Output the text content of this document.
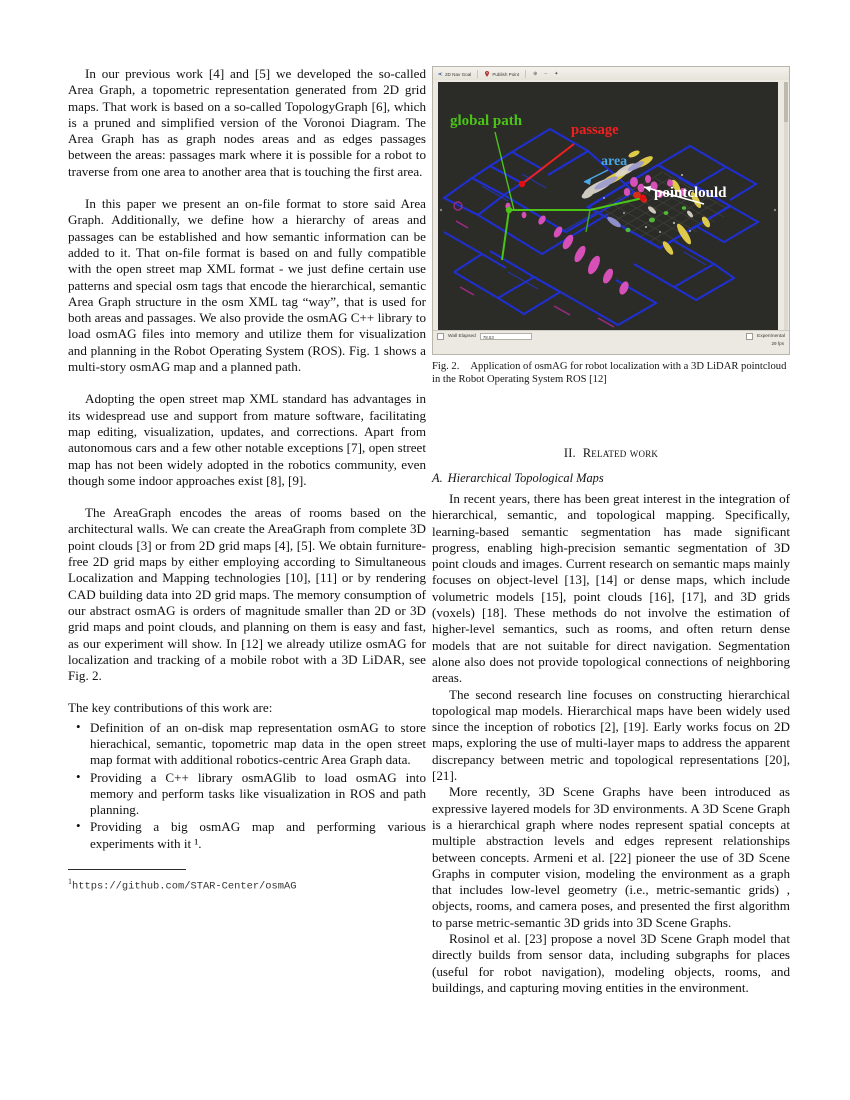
In our previous work [4] and [5] we developed the so-called Area Graph, a topometric representation generated from 2D grid maps. That work is based on a so-called TopologyGraph [6], which is a pruned and simplified version of the Voronoi Diagram. The Area Graph has as graph nodes areas and as edges passages between the areas: passages mark where it is possible for a robot to traverse from one area to another area that is touching the first area.

In this paper we present an on-file format to store said Area Graph. Additionally, we define how a hierarchy of areas and passages can be established and how semantic information can be added to it. That on-file format is based on and fully compatible with the open street map XML format - we just define certain use patterns and special osm tags that encode the hierarchical, semantic Area Graph structure in the osm XML tag “way”, that is used for both areas and passages. We also provide the osmAG C++ library to load osmAG files into memory and utilize them for visualization and planning in the Robot Operating System (ROS). Fig. 1 shows a multi-story osmAG map and a planned path.

Adopting the open street map XML standard has advantages in its widespread use and support from mature software, facilitating map editing, visualization, updates, and corrections. Apart from autonomous cars and a few other notable exceptions [7], open street map has not been widely adopted in the robotics community, even though some indoor approaches exist [8], [9].

The AreaGraph encodes the areas of rooms based on the architectural walls. We can create the AreaGraph from complete 3D point clouds [3] or from 2D grid maps [4], [5]. We obtain furniture-free 2D grid maps by either employing according to Simultaneous Localization and Mapping technologies [10], [11] or by rendering CAD building data into 2D grid maps. The memory consumption of our abstract osmAG is orders of magnitude smaller than 2D or 3D grid maps and point clouds, and planning on them is easy and fast, as our experiment will show. In [12] we already utilize osmAG for localization and tracking of a mobile robot with a 3D LiDAR, see Fig. 2.

The key contributions of this work are:

• Definition of an on-disk map representation osmAG to store hierachical, semantic, topometric map data in the open street map format with additional robotics-centric Area Graph data.
• Providing a C++ library osmAGlib to load osmAG into memory and perform tasks like visualization in ROS and path planning.
• Providing a big osmAG map and performing various experiments with it ¹.
$^1$https://github.com/STAR-Center/osmAG
2D Nav Goal	Publish Point	⊕ − ✦
global path
passage
area
pointclould
Wall Elapsed	78.53	Experimental
29 fps
Fig. 2. Application of osmAG for robot localization with a 3D LiDAR pointcloud in the Robot Operating System ROS [12]
II. Related work
A. Hierarchical Topological Maps

In recent years, there has been great interest in the integration of hierarchical, semantic, and topological mapping. Specifically, learning-based semantic segmentation has made significant progress, enabling high-precision semantic segmentation of 3D point clouds and images. Current research on semantic maps mainly focuses on object-level [13], [14] or dense maps, which include volumetric models [15], point clouds [16], [17], and 3D grids (voxels) [18]. These methods do not involve the estimation of higher-level semantics, such as rooms, and often return dense models that are not suitable for direct navigation. Segmentation alone also does not provide topological connections of neighboring areas.

The second research line focuses on constructing hierarchical topological map models. Hierarchical maps have been widely used since the inception of robotics [2], [19]. Early works focus on 2D maps, exploring the use of multi-layer maps to address the apparent discrepancy between metric and topological representations [20], [21].

More recently, 3D Scene Graphs have been introduced as expressive layered models for 3D environments. A 3D Scene Graph is a hierarchical graph where nodes represent spatial concepts at multiple abstraction levels and edges represent relationships between concepts. Armeni et al. [22] pioneer the use of 3D Scene Graphs in computer vision, modeling the environment as a graph that includes low-level geometry (i.e., metric-semantic grids) , objects, rooms, and camera poses, and presented the first algorithm to parse metric-semantic 3D grids into 3D Scene Graphs.

Rosinol et al. [23] propose a novel 3D Scene Graph model that directly builds from sensor data, including subgraphs for places (useful for robot navigation), modeling objects, rooms, and buildings, and capturing moving entities in the environment.
